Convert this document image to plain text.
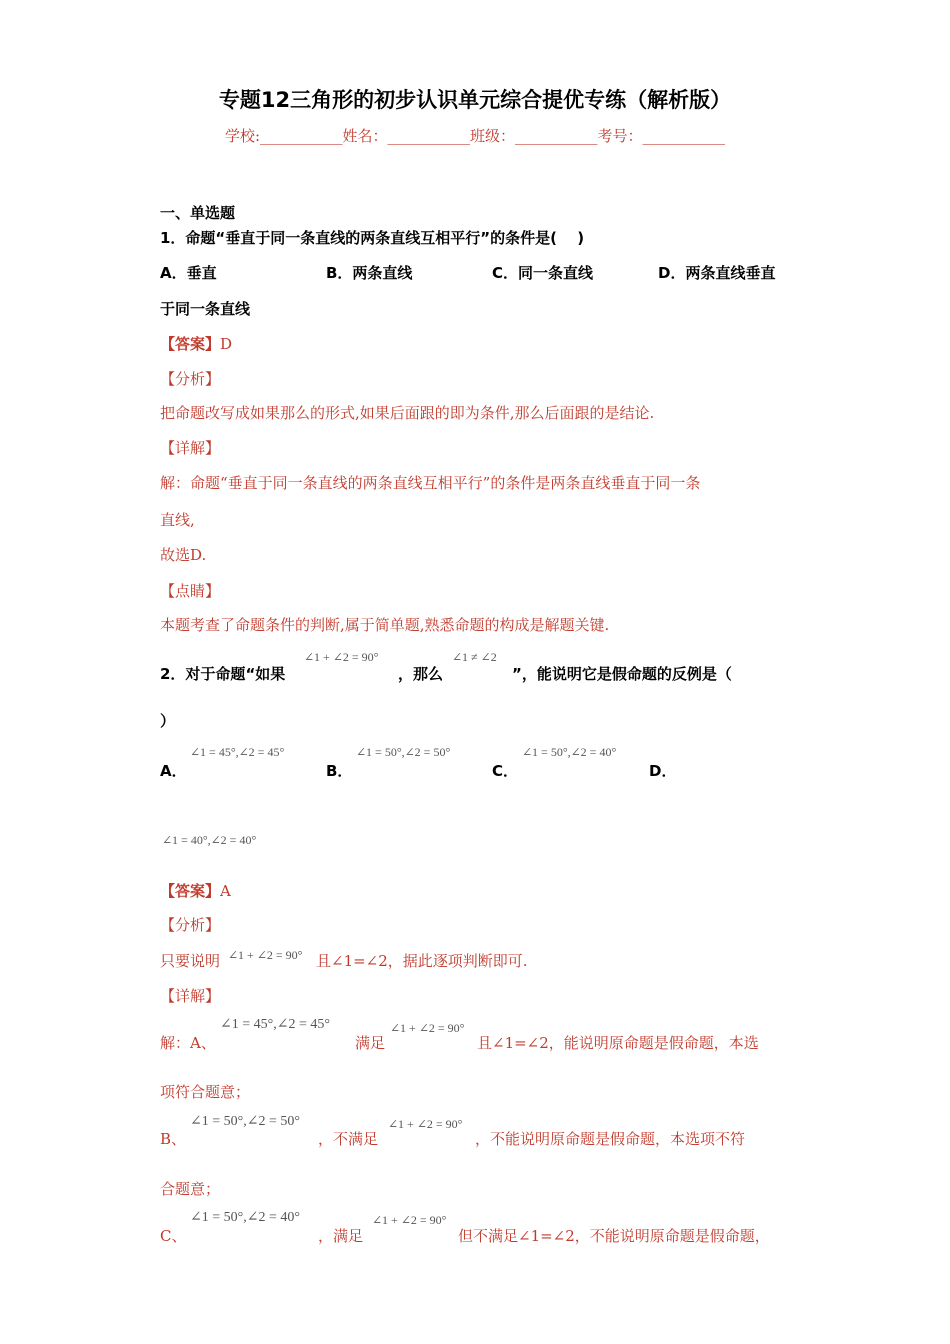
专题12三角形的初步认识单元综合提优专练（解析版）
学校:___________姓名：___________班级：___________考号：___________
一、单选题
1．命题“垂直于同一条直线的两条直线互相平行”的条件是(　 )
A．垂直	B．两条直线	C．同一条直线	D．两条直线垂直
于同一条直线
【答案】D
【分析】
把命题改写成如果那么的形式,如果后面跟的即为条件,那么后面跟的是结论.
【详解】
解：命题“垂直于同一条直线的两条直线互相平行”的条件是两条直线垂直于同一条
直线,
故选D.
【点睛】
本题考查了命题条件的判断,属于简单题,熟悉命题的构成是解题关键.
2．对于命题“如果
∠1 + ∠2 = 90°
，那么
∠1 ≠ ∠2
”，能说明它是假命题的反例是（
）
A．
∠1 = 45°,∠2 = 45°
B．
∠1 = 50°,∠2 = 50°
C．
∠1 = 50°,∠2 = 40°
D．
∠1 = 40°,∠2 = 40°
【答案】A
【分析】
只要说明 ∠1 + ∠2 = 90° 且∠1=∠2，据此逐项判断即可.
【详解】
解：A、
∠1 = 45°,∠2 = 45°
满足
∠1 + ∠2 = 90°
且∠1=∠2，能说明原命题是假命题，本选
项符合题意；
B、
∠1 = 50°,∠2 = 50°
，不满足
∠1 + ∠2 = 90°
，不能说明原命题是假命题，本选项不符
合题意；
C、
∠1 = 50°,∠2 = 40°
，满足
∠1 + ∠2 = 90°
但不满足∠1=∠2，不能说明原命题是假命题，
